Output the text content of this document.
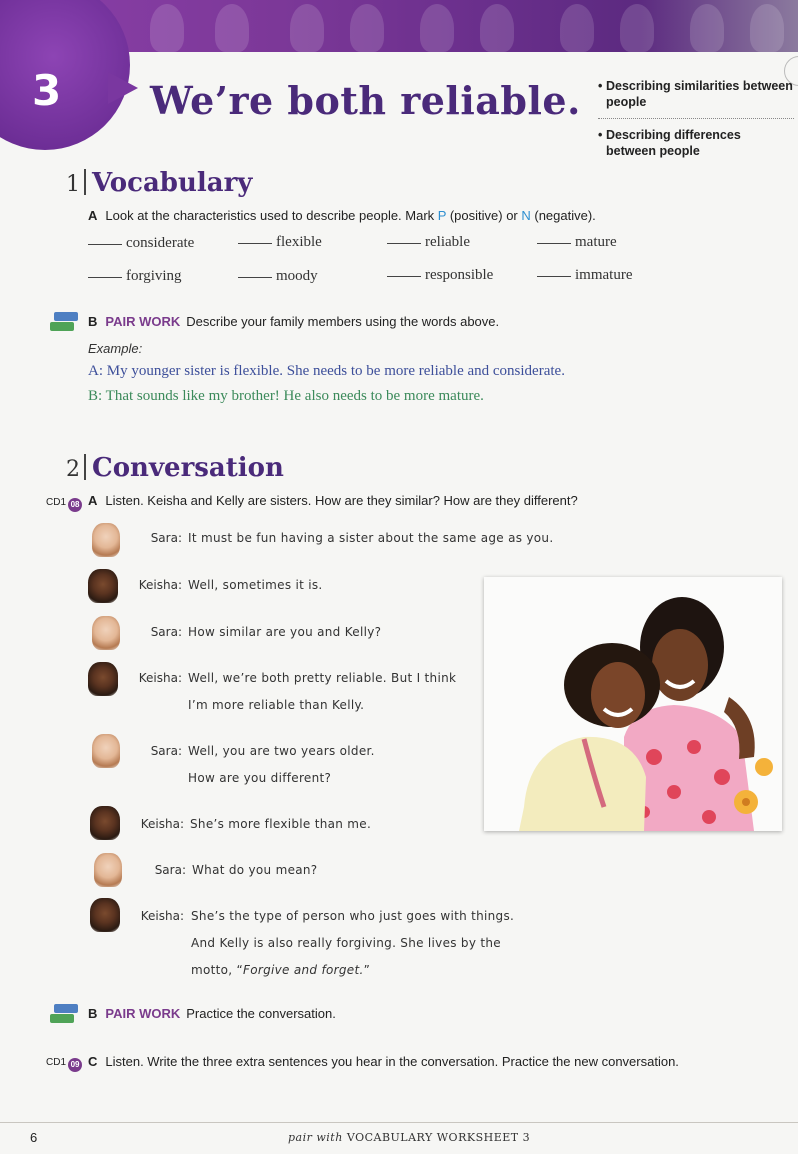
3 We’re both reliable. • Describing similarities between people
• Describing differences between people
1 Vocabulary
A Look at the characteristics used to describe people. Mark P (positive) or N (negative).
considerate	flexible	reliable	mature
forgiving	moody	responsible	immature
B PAIR WORK Describe your family members using the words above.
Example:
A: My younger sister is flexible. She needs to be more reliable and considerate.
B: That sounds like my brother! He also needs to be more mature.
2 Conversation
CD1 08 A Listen. Keisha and Kelly are sisters. How are they similar? How are they different?
Sara: It must be fun having a sister about the same age as you.
Keisha: Well, sometimes it is.
Sara: How similar are you and Kelly?
Keisha: Well, we’re both pretty reliable. But I think
I’m more reliable than Kelly.
Sara: Well, you are two years older.
How are you different?
Keisha: She’s more flexible than me.
Sara: What do you mean?
Keisha: She’s the type of person who just goes with things.
And Kelly is also really forgiving. She lives by the
motto, “Forgive and forget.”
B PAIR WORK Practice the conversation.
CD1 09 C Listen. Write the three extra sentences you hear in the conversation. Practice the new conversation.
6	pair with VOCABULARY WORKSHEET 3
